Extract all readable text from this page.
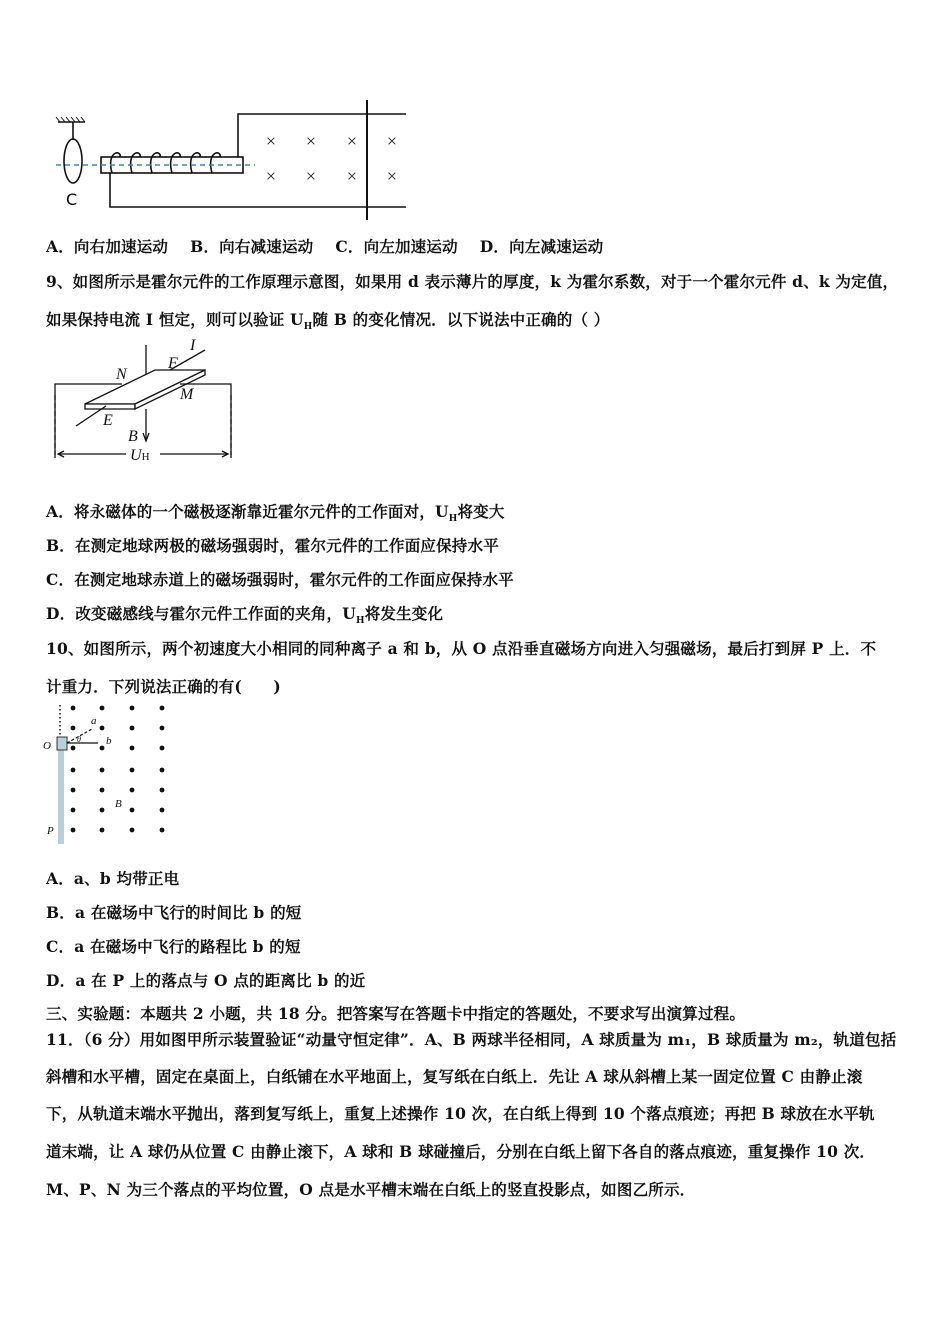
× × × ×
× × × ×
C
A．向右加速运动 B．向右减速运动 C．向左加速运动 D．向左减速运动
9、如图所示是霍尔元件的工作原理示意图，如果用 d 表示薄片的厚度，k 为霍尔系数，对于一个霍尔元件 d、k 为定值，
如果保持电流 I 恒定，则可以验证 $U_H$随 B 的变化情况．以下说法中正确的（ ）
N
F
I
M
E
B
UH
A．将永磁体的一个磁极逐渐靠近霍尔元件的工作面对，$U_H$将变大
B．在测定地球两极的磁场强弱时，霍尔元件的工作面应保持水平
C．在测定地球赤道上的磁场强弱时，霍尔元件的工作面应保持水平
D．改变磁感线与霍尔元件工作面的夹角，$U_H$将发生变化
10、如图所示，两个初速度大小相同的同种离子 a 和 b，从 O 点沿垂直磁场方向进入匀强磁场，最后打到屏 P 上．不
计重力．下列说法正确的有(　　)
O
a
b
θ
B
P
A．a、b 均带正电
B．a 在磁场中飞行的时间比 b 的短
C．a 在磁场中飞行的路程比 b 的短
D．a 在 P 上的落点与 O 点的距离比 b 的近
三、实验题：本题共 2 小题，共 18 分。把答案写在答题卡中指定的答题处，不要求写出演算过程。
11．（6 分）用如图甲所示装置验证“动量守恒定律”．A、B 两球半径相同，A 球质量为 m₁，B 球质量为 m₂，轨道包括
斜槽和水平槽，固定在桌面上，白纸铺在水平地面上，复写纸在白纸上．先让 A 球从斜槽上某一固定位置 C 由静止滚
下，从轨道末端水平抛出，落到复写纸上，重复上述操作 10 次，在白纸上得到 10 个落点痕迹；再把 B 球放在水平轨
道末端，让 A 球仍从位置 C 由静止滚下，A 球和 B 球碰撞后，分别在白纸上留下各自的落点痕迹，重复操作 10 次．
M、P、N 为三个落点的平均位置，O 点是水平槽末端在白纸上的竖直投影点，如图乙所示．
